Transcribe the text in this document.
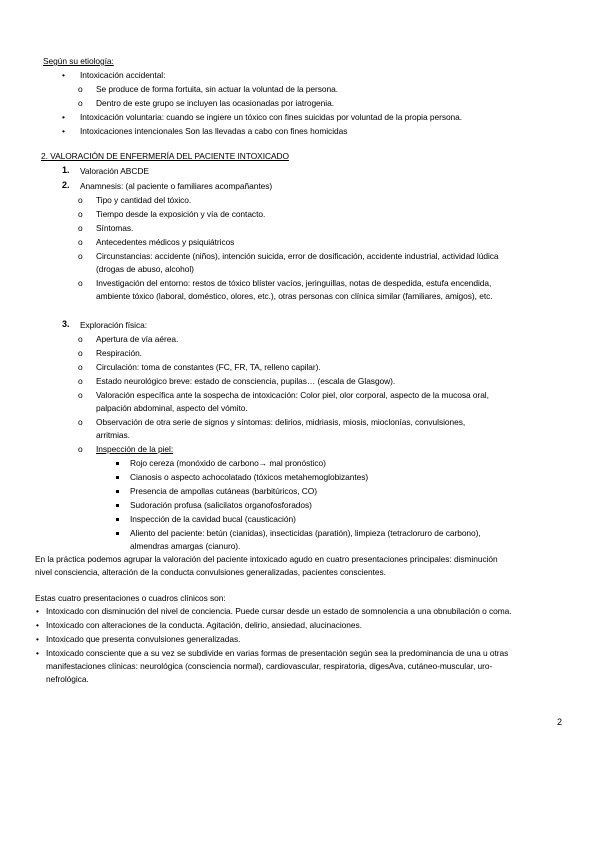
Según su etiología:
• Intoxicación accidental:
o Se produce de forma fortuita, sin actuar la voluntad de la persona.
o Dentro de este grupo se incluyen las ocasionadas por iatrogenia.
• Intoxicación voluntaria: cuando se ingiere un tóxico con fines suicidas por voluntad de la propia persona.
• Intoxicaciones intencionales Son las llevadas a cabo con fines homicidas
2. VALORACIÓN DE ENFERMERÍA DEL PACIENTE INTOXICADO
1. Valoración ABCDE
2. Anamnesis: (al paciente o familiares acompañantes)
o Tipo y cantidad del tóxico.
o Tiempo desde la exposición y vía de contacto.
o Síntomas.
o Antecedentes médicos y psiquiátricos
o Circunstancias: accidente (niños), intención suicida, error de dosificación, accidente industrial, actividad lúdica
(drogas de abuso, alcohol)
o Investigación del entorno: restos de tóxico blíster vacíos, jeringuillas, notas de despedida, estufa encendida,
ambiente tóxico (laboral, doméstico, olores, etc.), otras personas con clínica similar (familiares, amigos), etc.
3. Exploración física:
o Apertura de vía aérea.
o Respiración.
o Circulación: toma de constantes (FC, FR, TA, relleno capilar).
o Estado neurológico breve: estado de consciencia, pupilas… (escala de Glasgow).
o Valoración específica ante la sospecha de intoxicación: Color piel, olor corporal, aspecto de la mucosa oral,
palpación abdominal, aspecto del vómito.
o Observación de otra serie de signos y síntomas: delirios, midriasis, miosis, mioclonías, convulsiones,
arritmias.
o Inspección de la piel:
Rojo cereza (monóxido de carbono→ mal pronóstico)
Cianosis o aspecto achocolatado (tóxicos metahemoglobizantes)
Presencia de ampollas cutáneas (barbitúricos, CO)
Sudoración profusa (salicilatos organofosforados)
Inspección de la cavidad bucal (causticación)
Aliento del paciente: betún (cianidas), insecticidas (paratión), limpieza (tetracloruro de carbono),
almendras amargas (cianuro).
En la práctica podemos agrupar la valoración del paciente intoxicado agudo en cuatro presentaciones principales: disminución
nivel consciencia, alteración de la conducta convulsiones generalizadas, pacientes conscientes.
Estas cuatro presentaciones o cuadros clínicos son:
• Intoxicado con disminución del nivel de conciencia. Puede cursar desde un estado de somnolencia a una obnubilación o coma.
• Intoxicado con alteraciones de la conducta. Agitación, delirio, ansiedad, alucinaciones.
• Intoxicado que presenta convulsiones generalizadas.
• Intoxicado consciente que a su vez se subdivide en varias formas de presentación según sea la predominancia de una u otras
manifestaciones clínicas: neurológica (consciencia normal), cardiovascular, respiratoria, digesAva, cutáneo-muscular, uro-
nefrológica.
2
